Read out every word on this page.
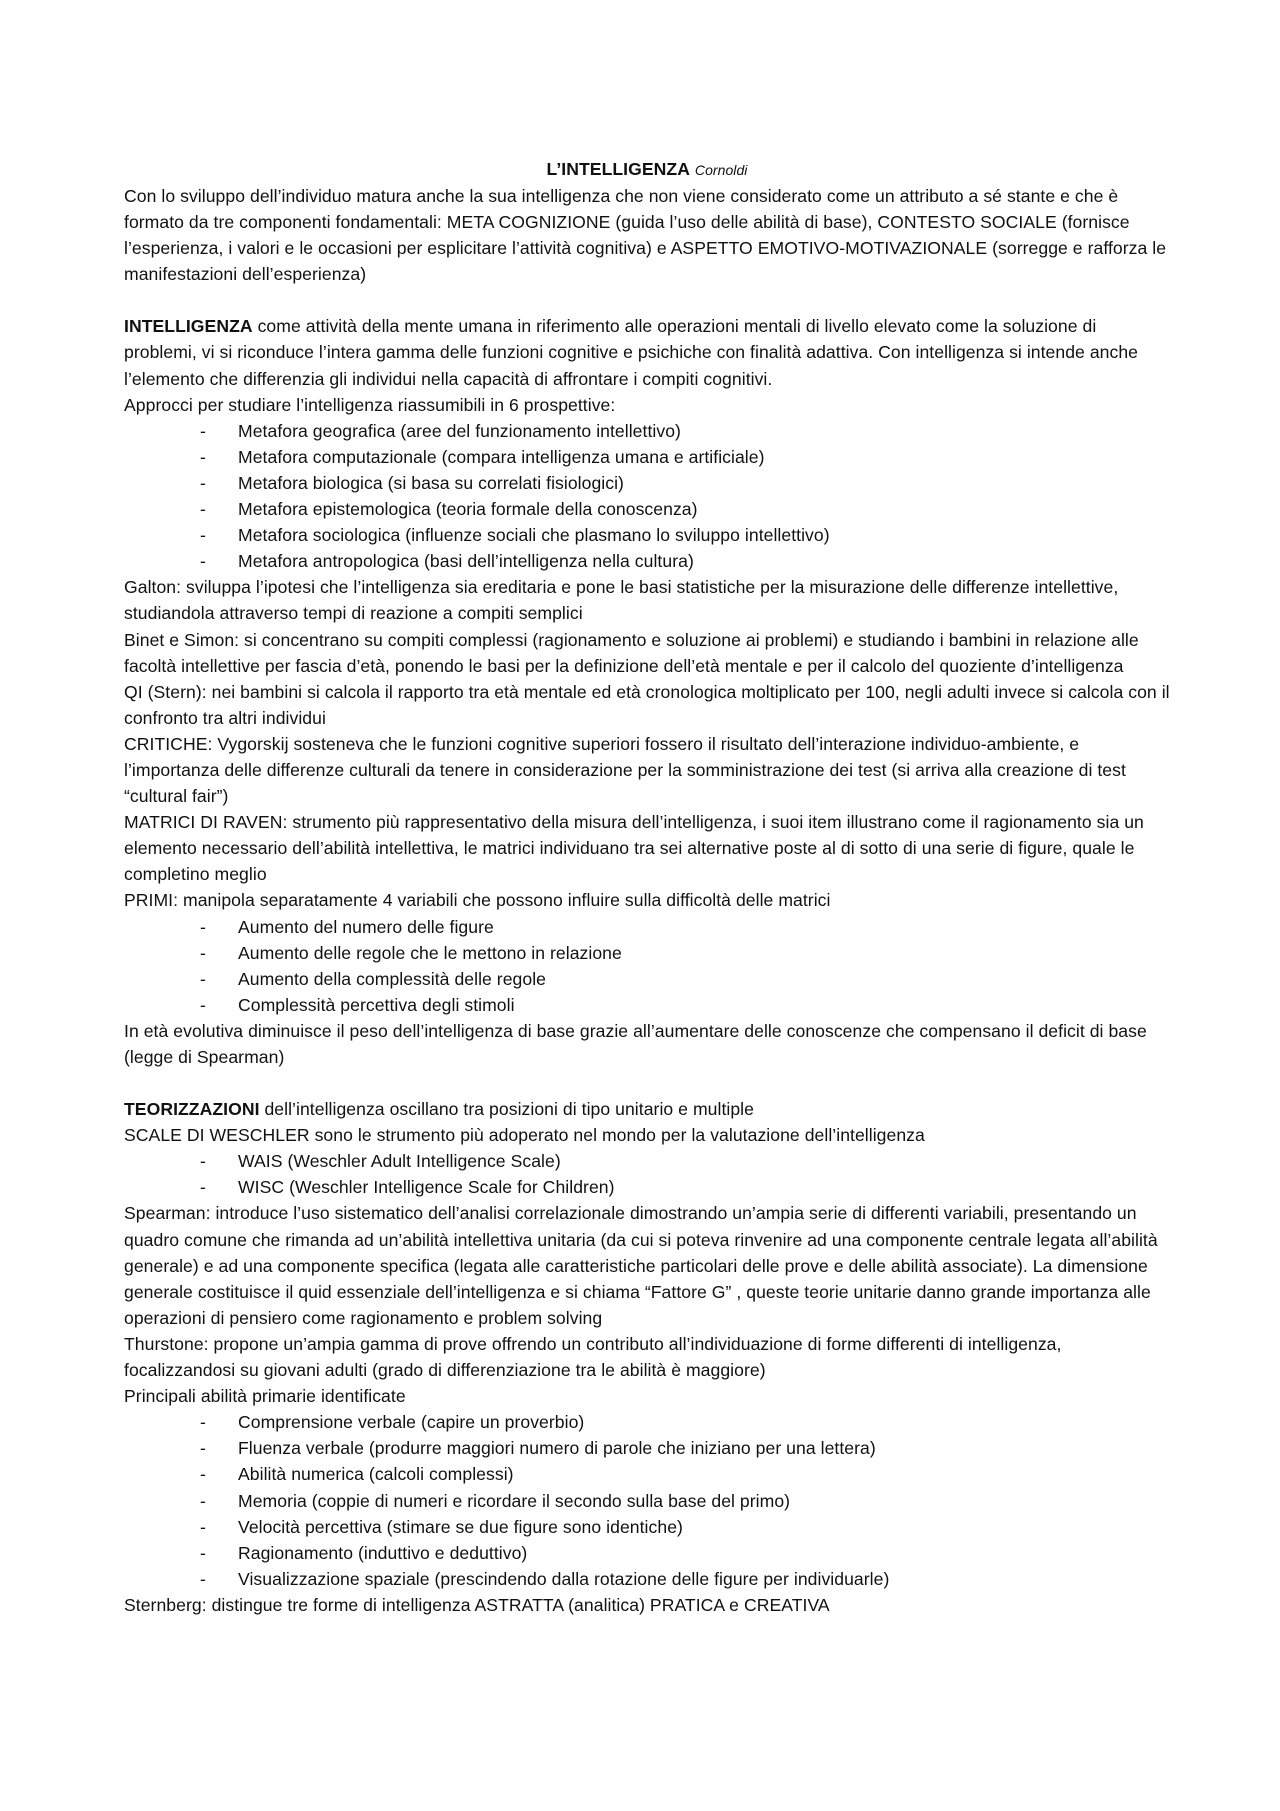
L’INTELLIGENZA Cornoldi

Con lo sviluppo dell’individuo matura anche la sua intelligenza che non viene considerato come un attributo a sé stante e che è formato da tre componenti fondamentali: META COGNIZIONE (guida l’uso delle abilità di base), CONTESTO SOCIALE (fornisce l’esperienza, i valori e le occasioni per esplicitare l’attività cognitiva) e ASPETTO EMOTIVO-MOTIVAZIONALE (sorregge e rafforza le manifestazioni dell’esperienza)

INTELLIGENZA come attività della mente umana in riferimento alle operazioni mentali di livello elevato come la soluzione di problemi, vi si riconduce l’intera gamma delle funzioni cognitive e psichiche con finalità adattiva. Con intelligenza si intende anche l’elemento che differenzia gli individui nella capacità di affrontare i compiti cognitivi.

Approcci per studiare l’intelligenza riassumibili in 6 prospettive:

- Metafora geografica (aree del funzionamento intellettivo)
- Metafora computazionale (compara intelligenza umana e artificiale)
- Metafora biologica (si basa su correlati fisiologici)
- Metafora epistemologica (teoria formale della conoscenza)
- Metafora sociologica (influenze sociali che plasmano lo sviluppo intellettivo)
- Metafora antropologica (basi dell’intelligenza nella cultura)

Galton: sviluppa l’ipotesi che l’intelligenza sia ereditaria e pone le basi statistiche per la misurazione delle differenze intellettive, studiandola attraverso tempi di reazione a compiti semplici

Binet e Simon: si concentrano su compiti complessi (ragionamento e soluzione ai problemi) e studiando i bambini in relazione alle facoltà intellettive per fascia d’età, ponendo le basi per la definizione dell’età mentale e per il calcolo del quoziente d’intelligenza

QI (Stern): nei bambini si calcola il rapporto tra età mentale ed età cronologica moltiplicato per 100, negli adulti invece si calcola con il confronto tra altri individui

CRITICHE: Vygorskij sosteneva che le funzioni cognitive superiori fossero il risultato dell’interazione individuo-ambiente, e l’importanza delle differenze culturali da tenere in considerazione per la somministrazione dei test (si arriva alla creazione di test “cultural fair”)

MATRICI DI RAVEN: strumento più rappresentativo della misura dell’intelligenza, i suoi item illustrano come il ragionamento sia un elemento necessario dell’abilità intellettiva, le matrici individuano tra sei alternative poste al di sotto di una serie di figure, quale le completino meglio

PRIMI: manipola separatamente 4 variabili che possono influire sulla difficoltà delle matrici

- Aumento del numero delle figure
- Aumento delle regole che le mettono in relazione
- Aumento della complessità delle regole
- Complessità percettiva degli stimoli

In età evolutiva diminuisce il peso dell’intelligenza di base grazie all’aumentare delle conoscenze che compensano il deficit di base (legge di Spearman)

TEORIZZAZIONI dell’intelligenza oscillano tra posizioni di tipo unitario e multiple

SCALE DI WESCHLER sono le strumento più adoperato nel mondo per la valutazione dell’intelligenza

- WAIS (Weschler Adult Intelligence Scale)
- WISC (Weschler Intelligence Scale for Children)

Spearman: introduce l’uso sistematico dell’analisi correlazionale dimostrando un’ampia serie di differenti variabili, presentando un quadro comune che rimanda ad un’abilità intellettiva unitaria (da cui si poteva rinvenire ad una componente centrale legata all’abilità generale) e ad una componente specifica (legata alle caratteristiche particolari delle prove e delle abilità associate). La dimensione generale costituisce il quid essenziale dell’intelligenza e si chiama “Fattore G” , queste teorie unitarie danno grande importanza alle operazioni di pensiero come ragionamento e problem solving

Thurstone: propone un’ampia gamma di prove offrendo un contributo all’individuazione di forme differenti di intelligenza, focalizzandosi su giovani adulti (grado di differenziazione tra le abilità è maggiore)

Principali abilità primarie identificate

- Comprensione verbale (capire un proverbio)
- Fluenza verbale (produrre maggiori numero di parole che iniziano per una lettera)
- Abilità numerica (calcoli complessi)
- Memoria (coppie di numeri e ricordare il secondo sulla base del primo)
- Velocità percettiva (stimare se due figure sono identiche)
- Ragionamento (induttivo e deduttivo)
- Visualizzazione spaziale (prescindendo dalla rotazione delle figure per individuarle)

Sternberg: distingue tre forme di intelligenza ASTRATTA (analitica) PRATICA e CREATIVA
